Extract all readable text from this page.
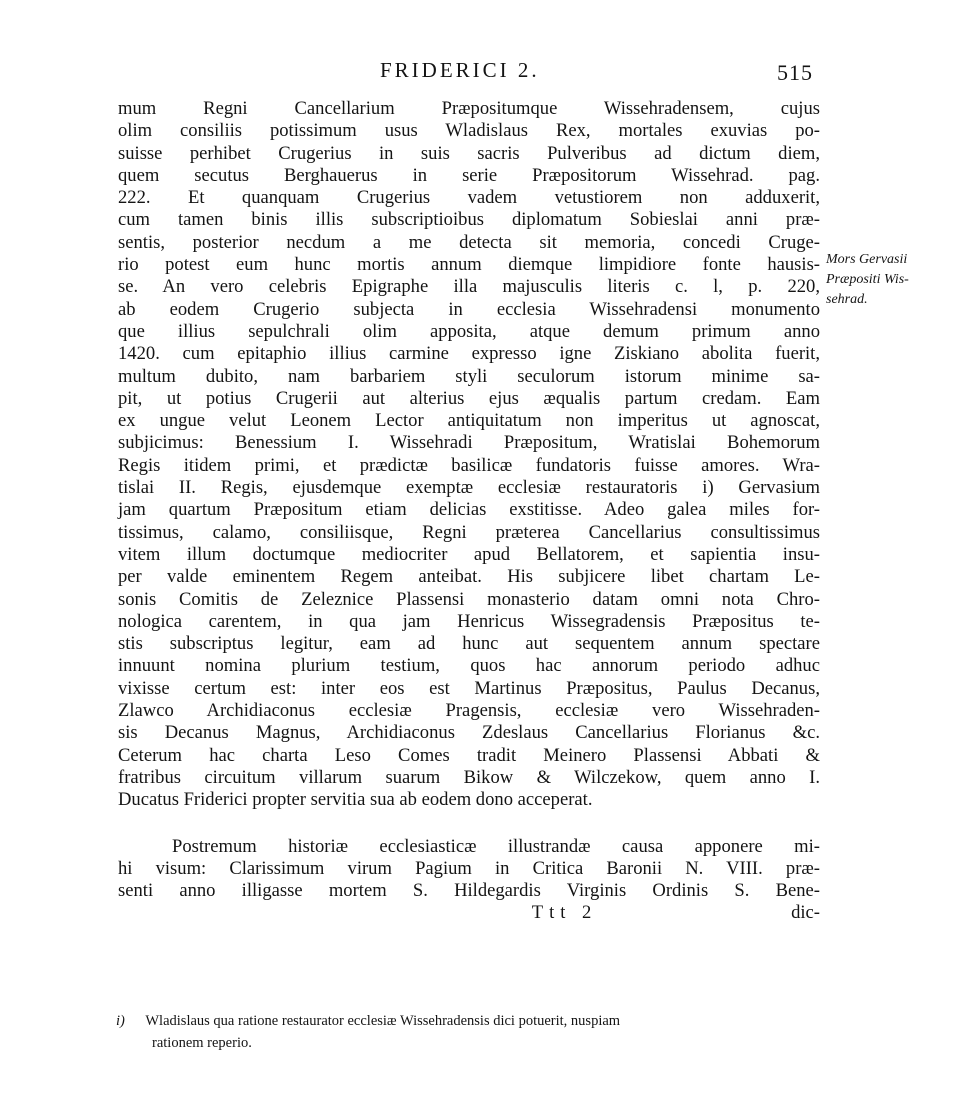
FRIDERICI 2.	515
mum Regni Cancellarium Præpositumque Wissehradensem, cujus
olim consiliis potissimum usus Wladislaus Rex, mortales exuvias po-
suisse perhibet Crugerius in suis sacris Pulveribus ad dictum diem,
quem secutus Berghauerus in serie Præpositorum Wissehrad. pag.
222. Et quanquam Crugerius vadem vetustiorem non adduxerit,
cum tamen binis illis subscriptioibus diplomatum Sobieslai anni præ-
sentis, posterior necdum a me detecta sit memoria, concedi Cruge-
rio potest eum hunc mortis annum diemque limpidiore fonte hausis-
se. An vero celebris Epigraphe illa majusculis literis c. l, p. 220,
ab eodem Crugerio subjecta in ecclesia Wissehradensi monumento
que illius sepulchrali olim apposita, atque demum primum anno
1420. cum epitaphio illius carmine expresso igne Ziskiano abolita fuerit,
multum dubito, nam barbariem styli seculorum istorum minime sa-
pit, ut potius Crugerii aut alterius ejus æqualis partum credam. Eam
ex ungue velut Leonem Lector antiquitatum non imperitus ut agnoscat,
subjicimus: Benessium I. Wissehradi Præpositum, Wratislai Bohemorum
Regis itidem primi, et prædictæ basilicæ fundatoris fuisse amores. Wra-
tislai II. Regis, ejusdemque exemptæ ecclesiæ restauratoris i) Gervasium
jam quartum Præpositum etiam delicias exstitisse. Adeo galea miles for-
tissimus, calamo, consiliisque, Regni præterea Cancellarius consultissimus
vitem illum doctumque mediocriter apud Bellatorem, et sapientia insu-
per valde eminentem Regem anteibat. His subjicere libet chartam Le-
sonis Comitis de Zeleznice Plassensi monasterio datam omni nota Chro-
nologica carentem, in qua jam Henricus Wissegradensis Præpositus te-
stis subscriptus legitur, eam ad hunc aut sequentem annum spectare
innuunt nomina plurium testium, quos hac annorum periodo adhuc
vixisse certum est: inter eos est Martinus Præpositus, Paulus Decanus,
Zlawco Archidiaconus ecclesiæ Pragensis, ecclesiæ vero Wissehraden-
sis Decanus Magnus, Archidiaconus Zdeslaus Cancellarius Florianus &c.
Ceterum hac charta Leso Comes tradit Meinero Plassensi Abbati &
fratribus circuitum villarum suarum Bikow & Wilczekow, quem anno I.
Ducatus Friderici propter servitia sua ab eodem dono acceperat.
Postremum historiæ ecclesiasticæ illustrandæ causa apponere mi-
hi visum: Clarissimum virum Pagium in Critica Baronii N. VIII. præ-
senti anno illigasse mortem S. Hildegardis Virginis Ordinis S. Bene-
Ttt 2	dic-
Mors Gervasii
Præpositi Wis-
sehrad.
i) Wladislaus qua ratione restaurator ecclesiæ Wissehradensis dici potuerit, nuspiam
rationem reperio.
